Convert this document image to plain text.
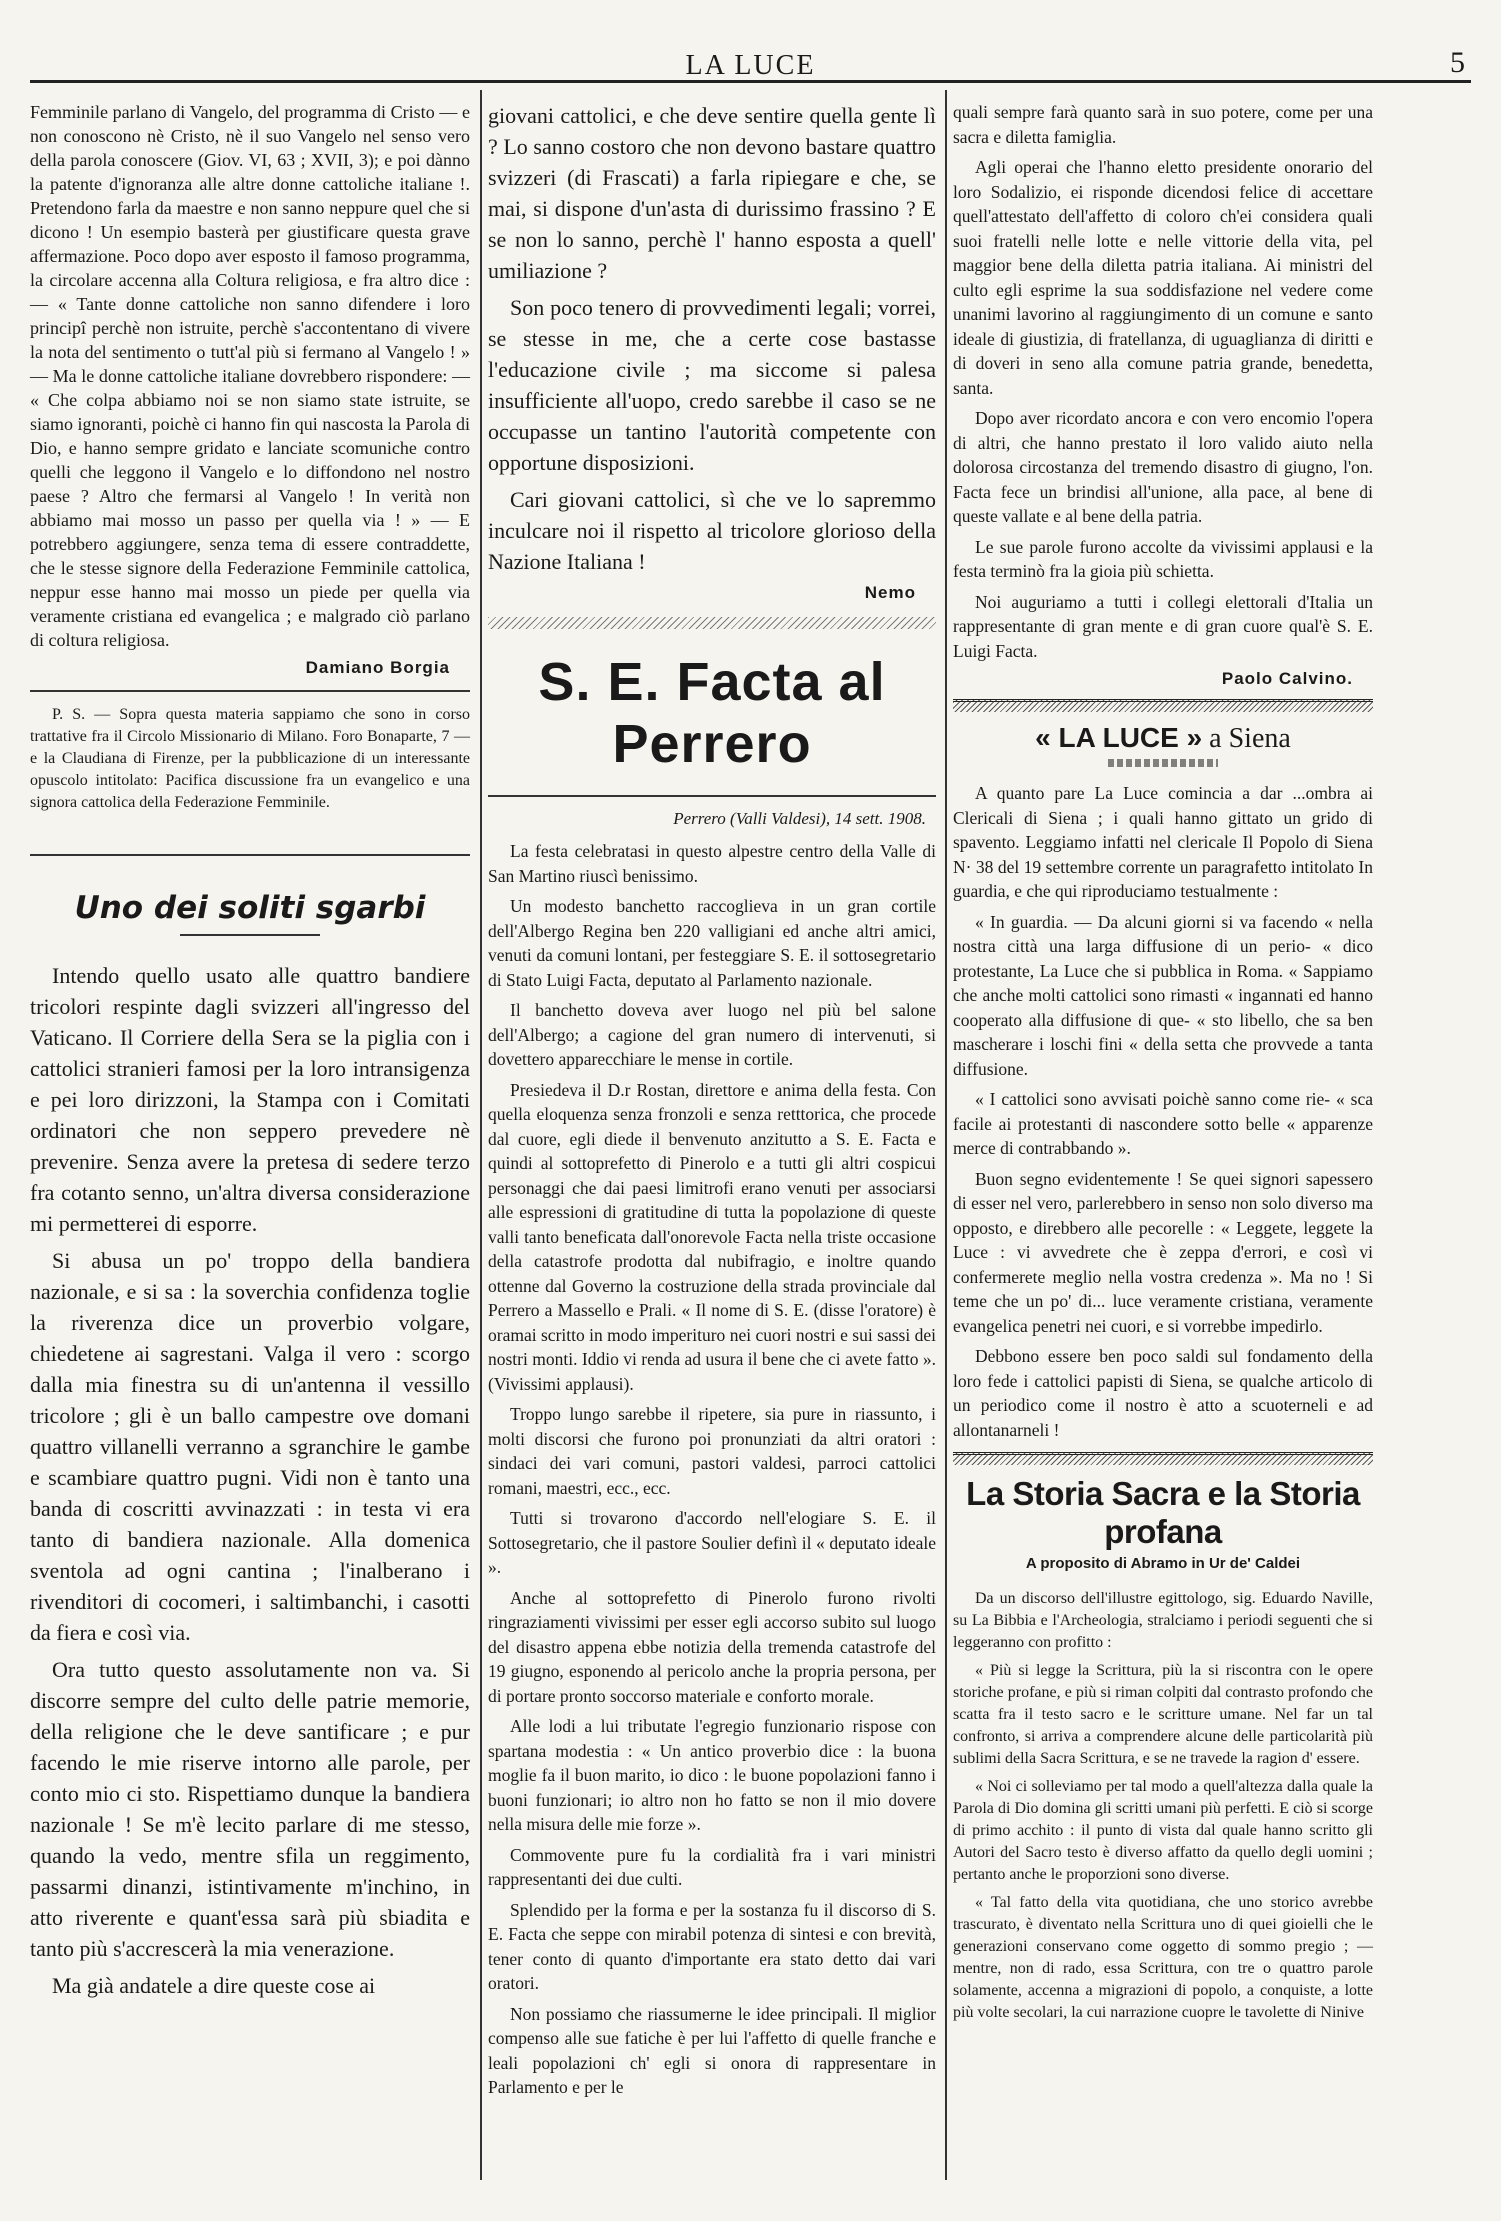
LA LUCE	5

Femminile parlano di Vangelo, del programma di Cristo — e non conoscono nè Cristo, nè il suo Vangelo nel senso vero della parola conoscere (Giov. VI, 63 ; XVII, 3); e poi dànno la patente d'ignoranza alle altre donne cattoliche italiane !. Pretendono farla da maestre e non sanno neppure quel che si dicono ! Un esempio basterà per giustificare questa grave affermazione. Poco dopo aver esposto il famoso programma, la circolare accenna alla Coltura religiosa, e fra altro dice : — « Tante donne cattoliche non sanno difendere i loro principî perchè non istruite, perchè s'accontentano di vivere la nota del sentimento o tutt'al più si fermano al Vangelo ! » — Ma le donne cattoliche italiane dovrebbero rispondere: — « Che colpa abbiamo noi se non siamo state istruite, se siamo ignoranti, poichè ci hanno fin qui nascosta la Parola di Dio, e hanno sempre gridato e lanciate scomuniche contro quelli che leggono il Vangelo e lo diffondono nel nostro paese ? Altro che fermarsi al Vangelo ! In verità non abbiamo mai mosso un passo per quella via ! » — E potrebbero aggiungere, senza tema di essere contraddette, che le stesse signore della Federazione Femminile cattolica, neppur esse hanno mai mosso un piede per quella via veramente cristiana ed evangelica ; e malgrado ciò parlano di coltura religiosa.

Damiano Borgia

P. S. — Sopra questa materia sappiamo che sono in corso trattative fra il Circolo Missionario di Milano. Foro Bonaparte, 7 — e la Claudiana di Firenze, per la pubblicazione di un interessante opuscolo intitolato: Pacifica discussione fra un evangelico e una signora cattolica della Federazione Femminile.

Uno dei soliti sgarbi

Intendo quello usato alle quattro bandiere tricolori respinte dagli svizzeri all'ingresso del Vaticano. Il Corriere della Sera se la piglia con i cattolici stranieri famosi per la loro intransigenza e pei loro dirizzoni, la Stampa con i Comitati ordinatori che non seppero prevedere nè prevenire. Senza avere la pretesa di sedere terzo fra cotanto senno, un'altra diversa considerazione mi permetterei di esporre.

Si abusa un po' troppo della bandiera nazionale, e si sa : la soverchia confidenza toglie la riverenza dice un proverbio volgare, chiedetene ai sagrestani. Valga il vero : scorgo dalla mia finestra su di un'antenna il vessillo tricolore ; gli è un ballo campestre ove domani quattro villanelli verranno a sgranchire le gambe e scambiare quattro pugni. Vidi non è tanto una banda di coscritti avvinazzati : in testa vi era tanto di bandiera nazionale. Alla domenica sventola ad ogni cantina ; l'inalberano i rivenditori di cocomeri, i saltimbanchi, i casotti da fiera e così via.

Ora tutto questo assolutamente non va. Si discorre sempre del culto delle patrie memorie, della religione che le deve santificare ; e pur facendo le mie riserve intorno alle parole, per conto mio ci sto. Rispettiamo dunque la bandiera nazionale ! Se m'è lecito parlare di me stesso, quando la vedo, mentre sfila un reggimento, passarmi dinanzi, istintivamente m'inchino, in atto riverente e quant'essa sarà più sbiadita e tanto più s'accrescerà la mia venerazione.

Ma già andatele a dire queste cose ai

giovani cattolici, e che deve sentire quella gente lì ? Lo sanno costoro che non devono bastare quattro svizzeri (di Frascati) a farla ripiegare e che, se mai, si dispone d'un'asta di durissimo frassino ? E se non lo sanno, perchè l' hanno esposta a quell' umiliazione ?

Son poco tenero di provvedimenti legali; vorrei, se stesse in me, che a certe cose bastasse l'educazione civile ; ma siccome si palesa insufficiente all'uopo, credo sarebbe il caso se ne occupasse un tantino l'autorità competente con opportune disposizioni.

Cari giovani cattolici, sì che ve lo sapremmo inculcare noi il rispetto al tricolore glorioso della Nazione Italiana !

Nemo
S. E. Facta al Perrero
Perrero (Valli Valdesi), 14 sett. 1908.

La festa celebratasi in questo alpestre centro della Valle di San Martino riuscì benissimo.

Un modesto banchetto raccoglieva in un gran cortile dell'Albergo Regina ben 220 valligiani ed anche altri amici, venuti da comuni lontani, per festeggiare S. E. il sottosegretario di Stato Luigi Facta, deputato al Parlamento nazionale.

Il banchetto doveva aver luogo nel più bel salone dell'Albergo; a cagione del gran numero di intervenuti, si dovettero apparecchiare le mense in cortile.

Presiedeva il D.r Rostan, direttore e anima della festa. Con quella eloquenza senza fronzoli e senza retttorica, che procede dal cuore, egli diede il benvenuto anzitutto a S. E. Facta e quindi al sottoprefetto di Pinerolo e a tutti gli altri cospicui personaggi che dai paesi limitrofi erano venuti per associarsi alle espressioni di gratitudine di tutta la popolazione di queste valli tanto beneficata dall'onorevole Facta nella triste occasione della catastrofe prodotta dal nubifragio, e inoltre quando ottenne dal Governo la costruzione della strada provinciale dal Perrero a Massello e Prali. « Il nome di S. E. (disse l'oratore) è oramai scritto in modo imperituro nei cuori nostri e sui sassi dei nostri monti. Iddio vi renda ad usura il bene che ci avete fatto ». (Vivissimi applausi).

Troppo lungo sarebbe il ripetere, sia pure in riassunto, i molti discorsi che furono poi pronunziati da altri oratori : sindaci dei vari comuni, pastori valdesi, parroci cattolici romani, maestri, ecc., ecc.

Tutti si trovarono d'accordo nell'elogiare S. E. il Sottosegretario, che il pastore Soulier definì il « deputato ideale ».

Anche al sottoprefetto di Pinerolo furono rivolti ringraziamenti vivissimi per esser egli accorso subito sul luogo del disastro appena ebbe notizia della tremenda catastrofe del 19 giugno, esponendo al pericolo anche la propria persona, per di portare pronto soccorso materiale e conforto morale.

Alle lodi a lui tributate l'egregio funzionario rispose con spartana modestia : « Un antico proverbio dice : la buona moglie fa il buon marito, io dico : le buone popolazioni fanno i buoni funzionari; io altro non ho fatto se non il mio dovere nella misura delle mie forze ».

Commovente pure fu la cordialità fra i vari ministri rappresentanti dei due culti.

Splendido per la forma e per la sostanza fu il discorso di S. E. Facta che seppe con mirabil potenza di sintesi e con brevità, tener conto di quanto d'importante era stato detto dai vari oratori.

Non possiamo che riassumerne le idee principali. Il miglior compenso alle sue fatiche è per lui l'affetto di quelle franche e leali popolazioni ch' egli si onora di rappresentare in Parlamento e per le

quali sempre farà quanto sarà in suo potere, come per una sacra e diletta famiglia.

Agli operai che l'hanno eletto presidente onorario del loro Sodalizio, ei risponde dicendosi felice di accettare quell'attestato dell'affetto di coloro ch'ei considera quali suoi fratelli nelle lotte e nelle vittorie della vita, pel maggior bene della diletta patria italiana. Ai ministri del culto egli esprime la sua soddisfazione nel vedere come unanimi lavorino al raggiungimento di un comune e santo ideale di giustizia, di fratellanza, di uguaglianza di diritti e di doveri in seno alla comune patria grande, benedetta, santa.

Dopo aver ricordato ancora e con vero encomio l'opera di altri, che hanno prestato il loro valido aiuto nella dolorosa circostanza del tremendo disastro di giugno, l'on. Facta fece un brindisi all'unione, alla pace, al bene di queste vallate e al bene della patria.

Le sue parole furono accolte da vivissimi applausi e la festa terminò fra la gioia più schietta.

Noi auguriamo a tutti i collegi elettorali d'Italia un rappresentante di gran mente e di gran cuore qual'è S. E. Luigi Facta.

Paolo Calvino.
« LA LUCE » a Siena

A quanto pare La Luce comincia a dar ...ombra ai Clericali di Siena ; i quali hanno gittato un grido di spavento. Leggiamo infatti nel clericale Il Popolo di Siena N· 38 del 19 settembre corrente un paragrafetto intitolato In guardia, e che qui riproduciamo testualmente :

« In guardia. — Da alcuni giorni si va facendo « nella nostra città una larga diffusione di un perio- « dico protestante, La Luce che si pubblica in Roma. « Sappiamo che anche molti cattolici sono rimasti « ingannati ed hanno cooperato alla diffusione di que- « sto libello, che sa ben mascherare i loschi fini « della setta che provvede a tanta diffusione.

« I cattolici sono avvisati poichè sanno come rie- « sca facile ai protestanti di nascondere sotto belle « apparenze merce di contrabbando ».

Buon segno evidentemente ! Se quei signori sapessero di esser nel vero, parlerebbero in senso non solo diverso ma opposto, e direbbero alle pecorelle : « Leggete, leggete la Luce : vi avvedrete che è zeppa d'errori, e così vi confermerete meglio nella vostra credenza ». Ma no ! Si teme che un po' di... luce veramente cristiana, veramente evangelica penetri nei cuori, e si vorrebbe impedirlo.

Debbono essere ben poco saldi sul fondamento della loro fede i cattolici papisti di Siena, se qualche articolo di un periodico come il nostro è atto a scuoterneli e ad allontanarneli !

La Storia Sacra e la Storia profana
A proposito di Abramo in Ur de' Caldei

Da un discorso dell'illustre egittologo, sig. Eduardo Naville, su La Bibbia e l'Archeologia, stralciamo i periodi seguenti che si leggeranno con profitto :

« Più si legge la Scrittura, più la si riscontra con le opere storiche profane, e più si riman colpiti dal contrasto profondo che scatta fra il testo sacro e le scritture umane. Nel far un tal confronto, si arriva a comprendere alcune delle particolarità più sublimi della Sacra Scrittura, e se ne travede la ragion d' essere.

« Noi ci solleviamo per tal modo a quell'altezza dalla quale la Parola di Dio domina gli scritti umani più perfetti. E ciò si scorge di primo acchito : il punto di vista dal quale hanno scritto gli Autori del Sacro testo è diverso affatto da quello degli uomini ; pertanto anche le proporzioni sono diverse.

« Tal fatto della vita quotidiana, che uno storico avrebbe trascurato, è diventato nella Scrittura uno di quei gioielli che le generazioni conservano come oggetto di sommo pregio ; — mentre, non di rado, essa Scrittura, con tre o quattro parole solamente, accenna a migrazioni di popolo, a conquiste, a lotte più volte secolari, la cui narrazione cuopre le tavolette di Ninive
